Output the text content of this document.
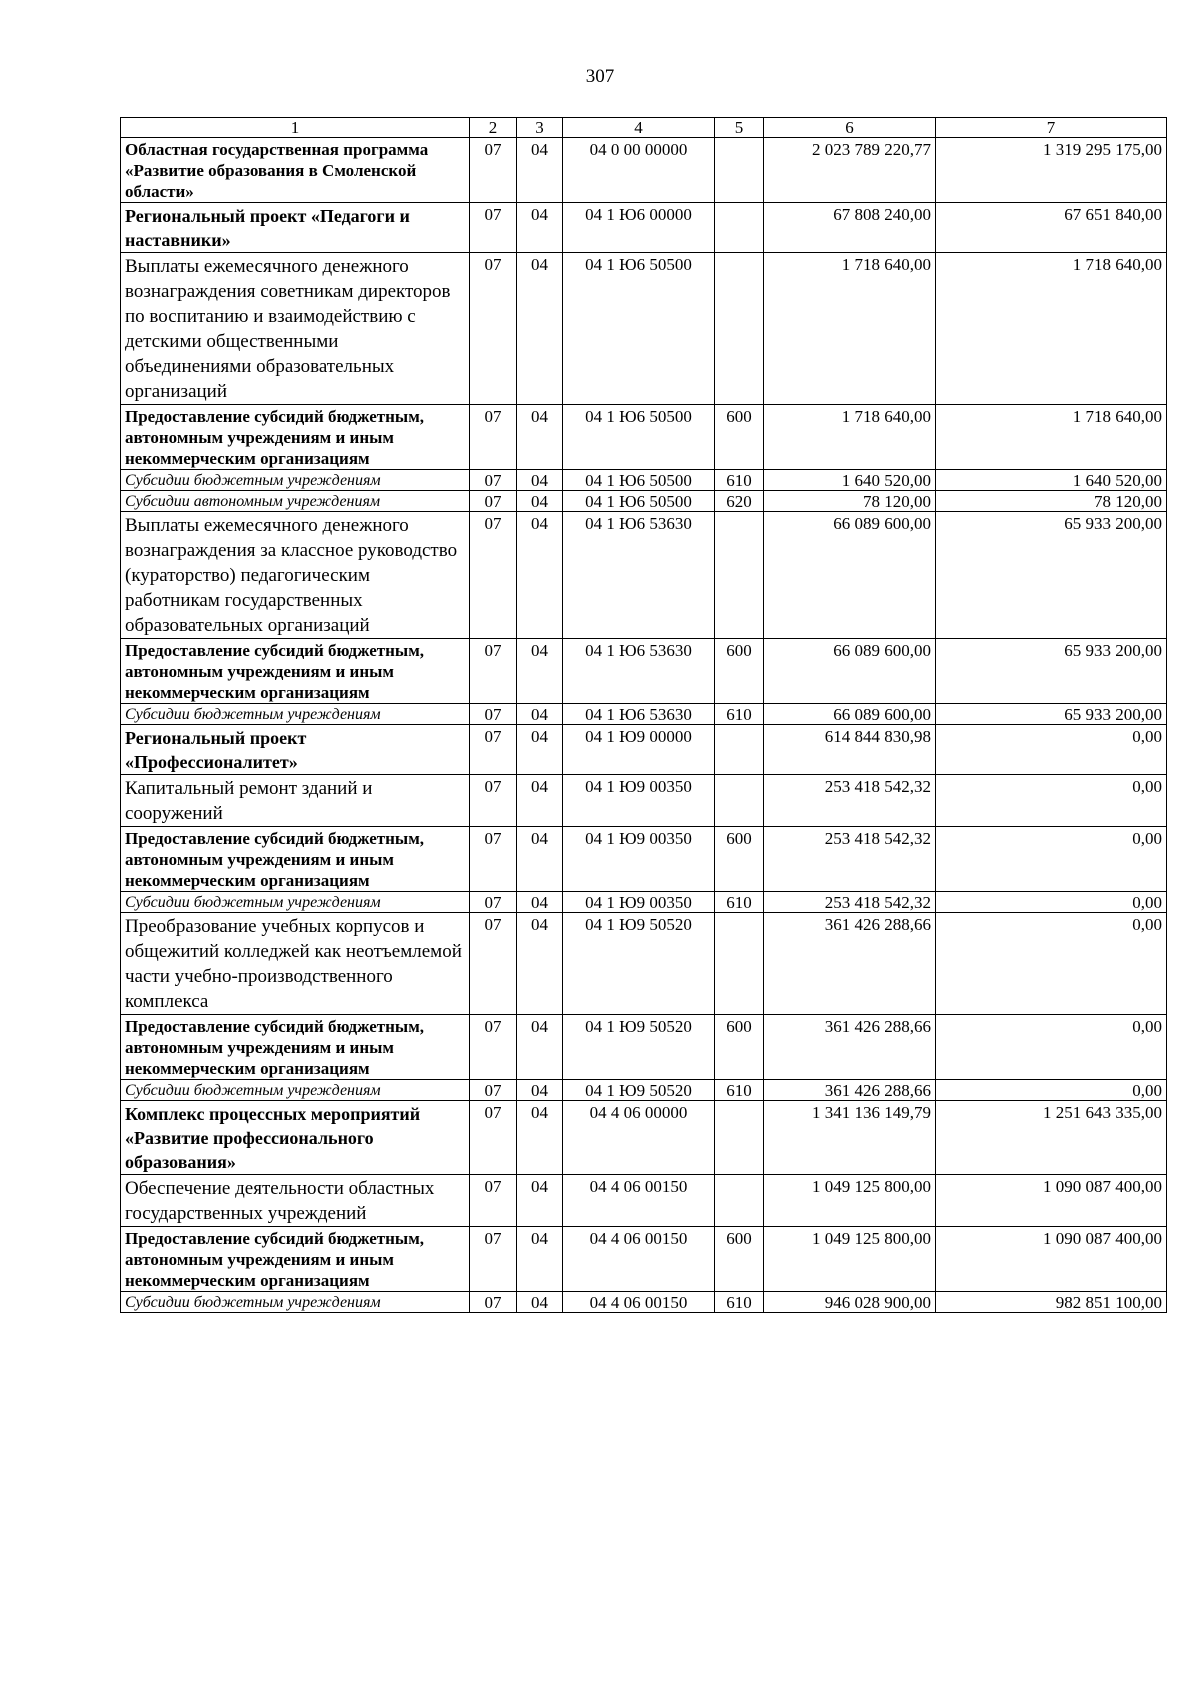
307
1	2	3	4	5	6	7
Областная государственная программа «Развитие образования в Смоленской области»	07	04	04 0 00 00000		2 023 789 220,77	1 319 295 175,00
Региональный проект «Педагоги и наставники»	07	04	04 1 Ю6 00000		67 808 240,00	67 651 840,00
Выплаты ежемесячного денежного вознаграждения советникам директоров по воспитанию и взаимодействию с детскими общественными объединениями образовательных организаций	07	04	04 1 Ю6 50500		1 718 640,00	1 718 640,00
Предоставление субсидий бюджетным, автономным учреждениям и иным некоммерческим организациям	07	04	04 1 Ю6 50500	600	1 718 640,00	1 718 640,00
Субсидии бюджетным учреждениям	07	04	04 1 Ю6 50500	610	1 640 520,00	1 640 520,00
Субсидии автономным учреждениям	07	04	04 1 Ю6 50500	620	78 120,00	78 120,00
Выплаты ежемесячного денежного вознаграждения за классное руководство (кураторство) педагогическим работникам государственных образовательных организаций	07	04	04 1 Ю6 53630		66 089 600,00	65 933 200,00
Предоставление субсидий бюджетным, автономным учреждениям и иным некоммерческим организациям	07	04	04 1 Ю6 53630	600	66 089 600,00	65 933 200,00
Субсидии бюджетным учреждениям	07	04	04 1 Ю6 53630	610	66 089 600,00	65 933 200,00
Региональный проект «Профессионалитет»	07	04	04 1 Ю9 00000		614 844 830,98	0,00
Капитальный ремонт зданий и сооружений	07	04	04 1 Ю9 00350		253 418 542,32	0,00
Предоставление субсидий бюджетным, автономным учреждениям и иным некоммерческим организациям	07	04	04 1 Ю9 00350	600	253 418 542,32	0,00
Субсидии бюджетным учреждениям	07	04	04 1 Ю9 00350	610	253 418 542,32	0,00
Преобразование учебных корпусов и общежитий колледжей как неотъемлемой части учебно-производственного комплекса	07	04	04 1 Ю9 50520		361 426 288,66	0,00
Предоставление субсидий бюджетным, автономным учреждениям и иным некоммерческим организациям	07	04	04 1 Ю9 50520	600	361 426 288,66	0,00
Субсидии бюджетным учреждениям	07	04	04 1 Ю9 50520	610	361 426 288,66	0,00
Комплекс процессных мероприятий «Развитие профессионального образования»	07	04	04 4 06 00000		1 341 136 149,79	1 251 643 335,00
Обеспечение деятельности областных государственных учреждений	07	04	04 4 06 00150		1 049 125 800,00	1 090 087 400,00
Предоставление субсидий бюджетным, автономным учреждениям и иным некоммерческим организациям	07	04	04 4 06 00150	600	1 049 125 800,00	1 090 087 400,00
Субсидии бюджетным учреждениям	07	04	04 4 06 00150	610	946 028 900,00	982 851 100,00
